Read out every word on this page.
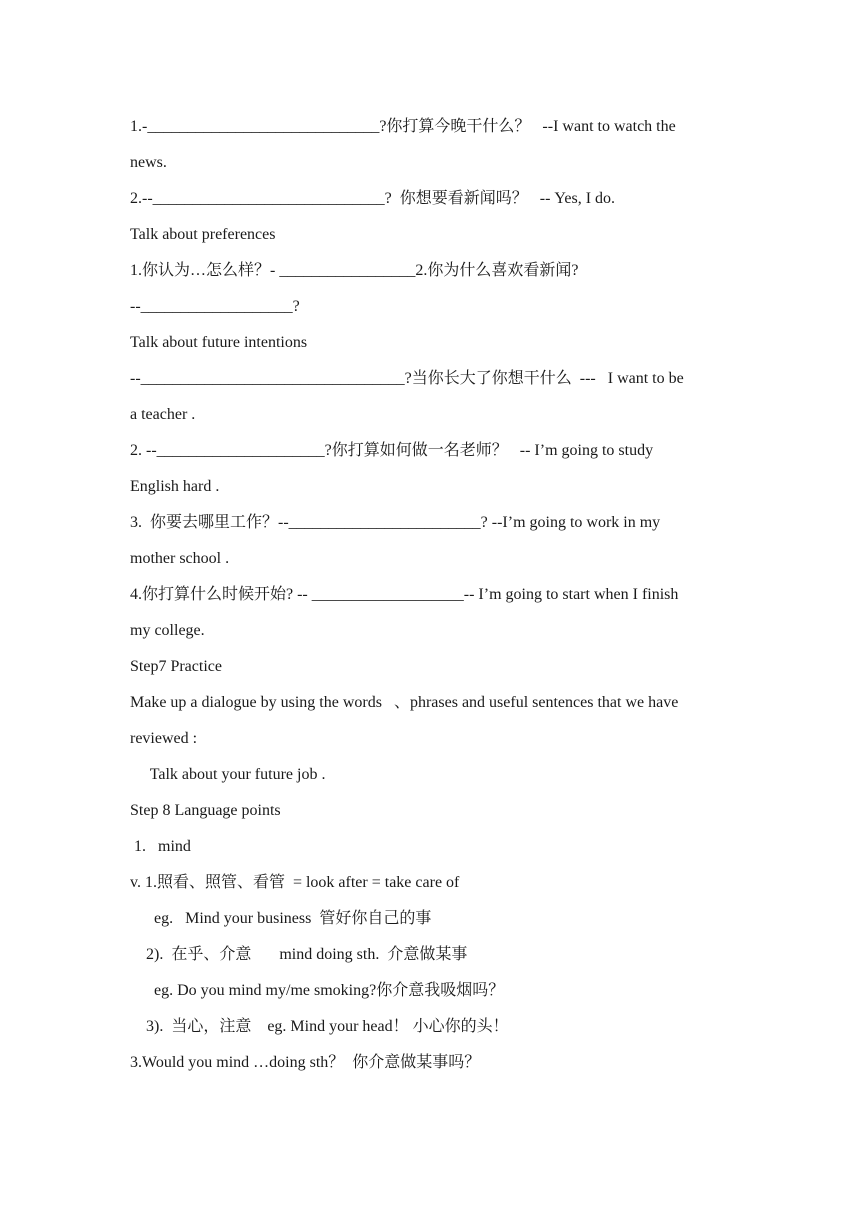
1.-_____________________________?你打算今晚干什么？   --I want to watch the
news.
2.--_____________________________?  你想要看新闻吗？   -- Yes, I do.
Talk about preferences
1.你认为…怎么样？- _________________2.你为什么喜欢看新闻?
--___________________?
Talk about future intentions
--_________________________________?当你长大了你想干什么  ---   I want to be
a teacher .
2. --_____________________?你打算如何做一名老师？   -- I’m going to study
English hard .
3.  你要去哪里工作？--________________________? --I’m going to work in my
mother school .
4.你打算什么时候开始? -- ___________________-- I’m going to start when I finish
my college.
Step7 Practice
Make up a dialogue by using the words   、phrases and useful sentences that we have
reviewed :
Talk about your future job .
Step 8 Language points
1.   mind
v. 1.照看、照管、看管  = look after = take care of
eg.   Mind your business  管好你自己的事
2).  在乎、介意       mind doing sth.  介意做某事
eg. Do you mind my/me smoking?你介意我吸烟吗？
3).  当心，注意    eg. Mind your head！ 小心你的头！
3.Would you mind …doing sth？  你介意做某事吗？
